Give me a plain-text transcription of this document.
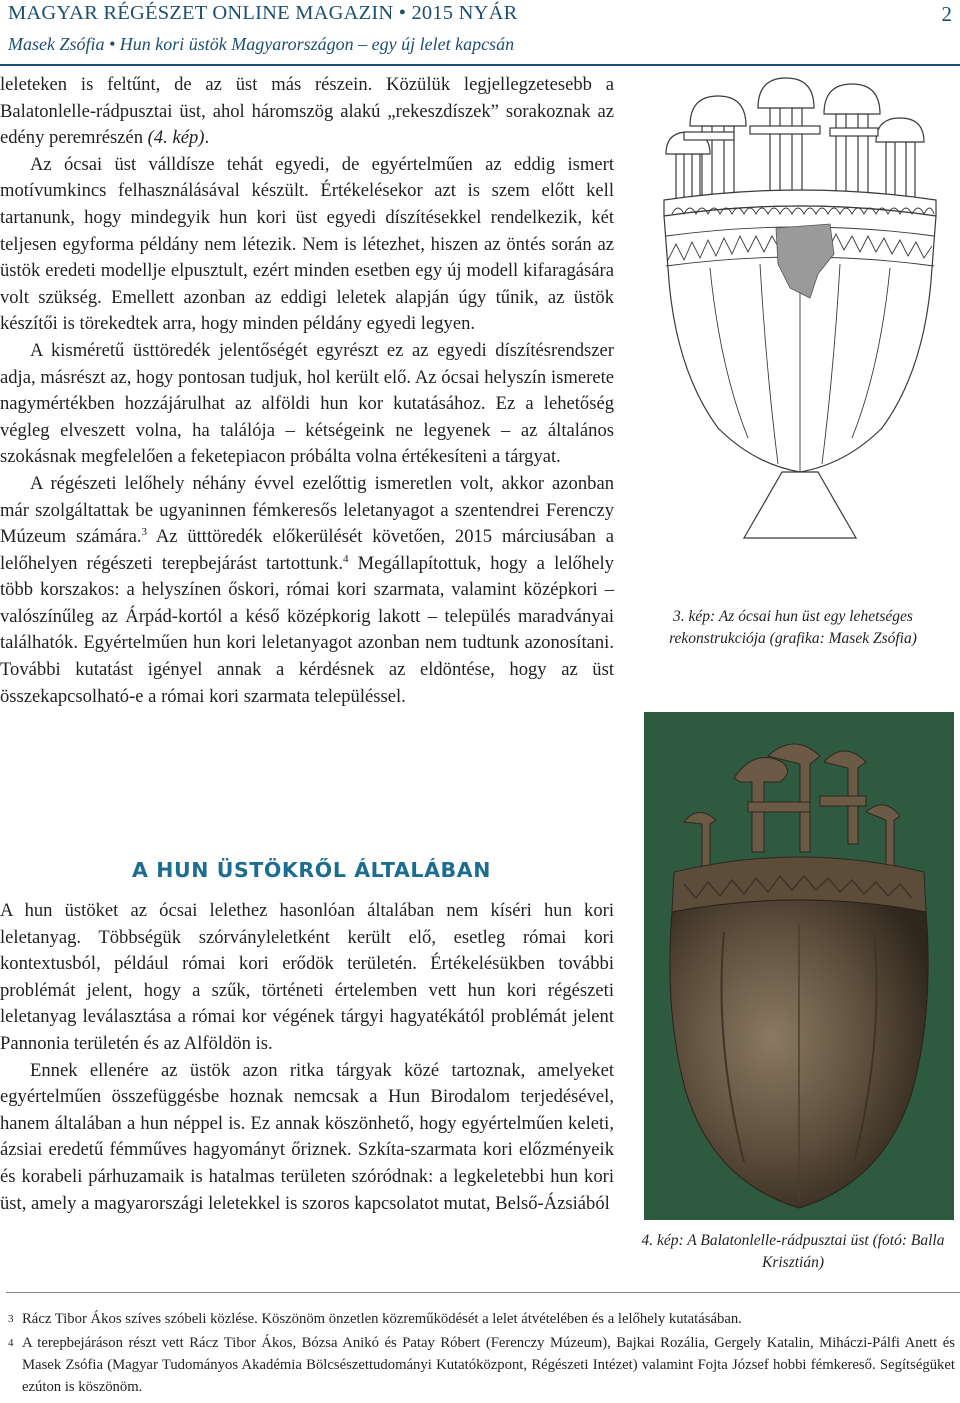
MAGYAR RÉGÉSZET ONLINE MAGAZIN • 2015 NYÁR	2
Masek Zsófia • Hun kori üstök Magyarországon – egy új lelet kapcsán

leleteken is feltűnt, de az üst más részein. Közülük legjellegzetesebb a Balatonlelle-rádpusztai üst, ahol háromszög alakú „rekeszdíszek” sorakoznak az edény peremrészén (4. kép).

Az ócsai üst válldísze tehát egyedi, de egyértelműen az eddig ismert motívumkincs felhasználásával készült. Értékelésekor azt is szem előtt kell tartanunk, hogy mindegyik hun kori üst egyedi díszítésekkel rendelkezik, két teljesen egyforma példány nem létezik. Nem is létezhet, hiszen az öntés során az üstök eredeti modellje elpusztult, ezért minden esetben egy új modell kifaragására volt szükség. Emellett azonban az eddigi leletek alapján úgy tűnik, az üstök készítői is törekedtek arra, hogy minden példány egyedi legyen.

A kisméretű üsttöredék jelentőségét egyrészt ez az egyedi díszítésrendszer adja, másrészt az, hogy pontosan tudjuk, hol került elő. Az ócsai helyszín ismerete nagymértékben hozzájárulhat az alföldi hun kor kutatásához. Ez a lehetőség végleg elveszett volna, ha találója – kétségeink ne legyenek – az általános szokásnak megfelelően a feketepiacon próbálta volna értékesíteni a tárgyat.

A régészeti lelőhely néhány évvel ezelőttig ismeretlen volt, akkor azonban már szolgáltattak be ugyaninnen fémkeresős leletanyagot a szentendrei Ferenczy Múzeum számára.$^3$ Az ütttöredék előkerülését követően, 2015 márciusában a lelőhelyen régészeti terepbejárást tartottunk.$^4$ Megállapítottuk, hogy a lelőhely több korszakos: a helyszínen őskori, római kori szarmata, valamint középkori – valószínűleg az Árpád-kortól a késő középkorig lakott – település maradványai találhatók. Egyértelműen hun kori leletanyagot azonban nem tudtunk azonosítani. További kutatást igényel annak a kérdésnek az eldöntése, hogy az üst összekapcsolható-e a római kori szarmata településsel.

A HUN ÜSTÖKRŐL ÁLTALÁBAN

A hun üstöket az ócsai lelethez hasonlóan általában nem kíséri hun kori leletanyag. Többségük szórványleletként került elő, esetleg római kori kontextusból, például római kori erődök területén. Értékelésükben további problémát jelent, hogy a szűk, történeti értelemben vett hun kori régészeti leletanyag leválasztása a római kor végének tárgyi hagyatékától problémát jelent Pannonia területén és az Alföldön is.

Ennek ellenére az üstök azon ritka tárgyak közé tartoznak, amelyeket egyértelműen összefüggésbe hoznak nemcsak a Hun Birodalom terjedésével, hanem általában a hun néppel is. Ez annak köszönhető, hogy egyértelműen keleti, ázsiai eredetű fémműves hagyományt őriznek. Szkíta-szarmata kori előzményeik és korabeli párhuzamaik is hatalmas területen szóródnak: a legkeletebbi hun kori üst, amely a magyarországi leletekkel is szoros kapcsolatot mutat, Belső-Ázsiából

3. kép: Az ócsai hun üst egy lehetséges rekonstrukciója (grafika: Masek Zsófia)
4. kép: A Balatonlelle-rádpusztai üst (fotó: Balla Krisztián)
3 Rácz Tibor Ákos szíves szóbeli közlése. Köszönöm önzetlen közreműködését a lelet átvételében és a lelőhely kutatásában.
4 A terepbejáráson részt vett Rácz Tibor Ákos, Bózsa Anikó és Patay Róbert (Ferenczy Múzeum), Bajkai Rozália, Gergely Katalin, Miháczi-Pálfi Anett és Masek Zsófia (Magyar Tudományos Akadémia Bölcsészettudományi Kutatóközpont, Régészeti Intézet) valamint Fojta József hobbi fémkereső. Segítségüket ezúton is köszönöm.
